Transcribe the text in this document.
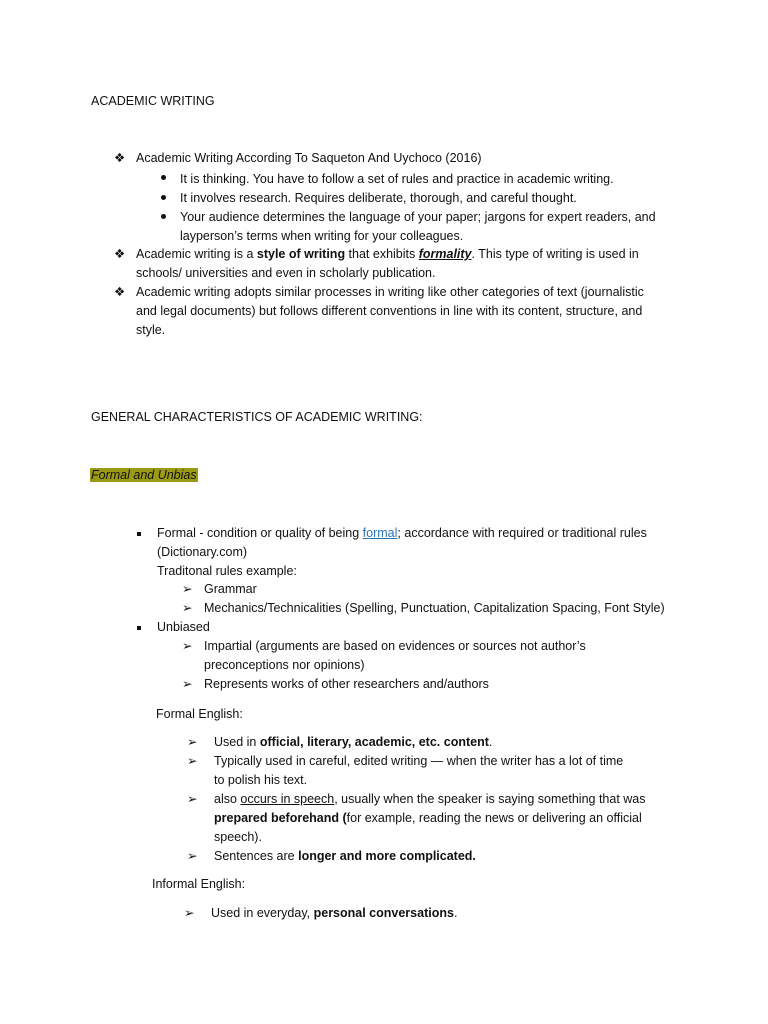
ACADEMIC WRITING
❖ Academic Writing According To Saqueton And Uychoco (2016)
It is thinking. You have to follow a set of rules and practice in academic writing.
It involves research. Requires deliberate, thorough, and careful thought.
Your audience determines the language of your paper; jargons for expert readers, and
layperson’s terms when writing for your colleagues.
❖ Academic writing is a style of writing that exhibits formality. This type of writing is used in
schools/ universities and even in scholarly publication.
❖ Academic writing adopts similar processes in writing like other categories of text (journalistic
and legal documents) but follows different conventions in line with its content, structure, and
style.
GENERAL CHARACTERISTICS OF ACADEMIC WRITING:
Formal and Unbias
Formal - condition or quality of being formal; accordance with required or traditional rules
(Dictionary.com)
Traditonal rules example:
➢ Grammar
➢ Mechanics/Technicalities (Spelling, Punctuation, Capitalization Spacing, Font Style)
Unbiased
➢ Impartial (arguments are based on evidences or sources not author’s
preconceptions nor opinions)
➢ Represents works of other researchers and/authors
Formal English:
➢ Used in official, literary, academic, etc. content.
➢ Typically used in careful, edited writing — when the writer has a lot of time
to polish his text.
➢ also occurs in speech, usually when the speaker is saying something that was
prepared beforehand (for example, reading the news or delivering an official
speech).
➢ Sentences are longer and more complicated.
Informal English:
➢ Used in everyday, personal conversations.
